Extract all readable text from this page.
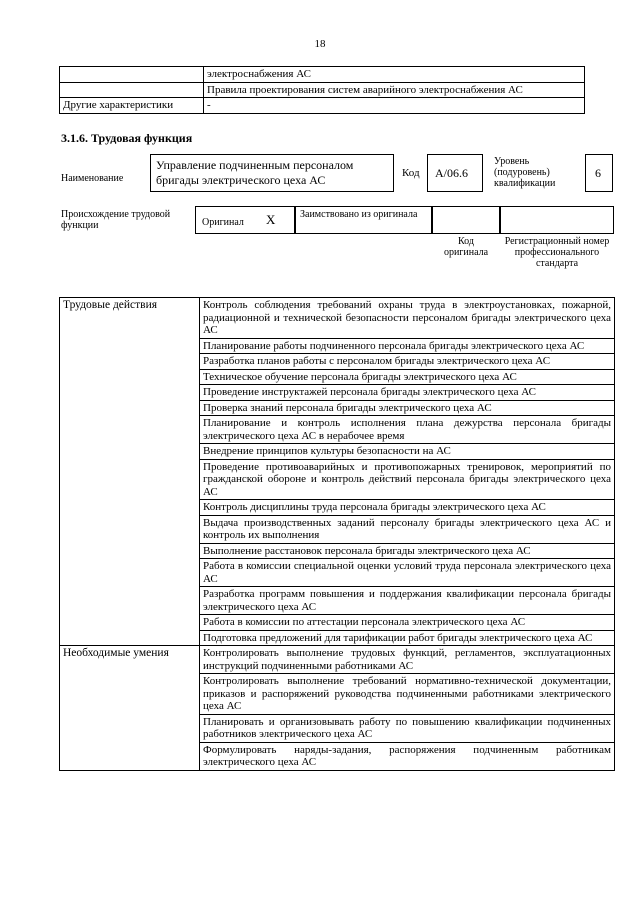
18
	электроснабжения АС
	Правила проектирования систем аварийного электроснабжения АС
Другие характеристики	-
3.1.6. Трудовая функция
Наименование
Управление подчиненным персоналом бригады электрического цеха АС	Код A/06.6
Уровень (подуровень) квалификации
6
Происхождение трудовой функции	Оригинал X Заимствовано из оригинала
Код оригинала
Регистрационный номер профессионального стандарта
Трудовые действия	Контроль соблюдения требований охраны труда в электроустановках, пожарной, радиационной и технической безопасности персоналом бригады электрического цеха АС
	Планирование работы подчиненного персонала бригады электрического цеха АС
	Разработка планов работы с персоналом бригады электрического цеха АС
	Техническое обучение персонала бригады электрического цеха АС
	Проведение инструктажей персонала бригады электрического цеха АС
	Проверка знаний персонала бригады электрического цеха АС
	Планирование и контроль исполнения плана дежурства персонала бригады электрического цеха АС в нерабочее время
	Внедрение принципов культуры безопасности на АС
	Проведение противоаварийных и противопожарных тренировок, мероприятий по гражданской обороне и контроль действий персонала бригады электрического цеха АС
	Контроль дисциплины труда персонала бригады электрического цеха АС
	Выдача производственных заданий персоналу бригады электрического цеха АС и контроль их выполнения
	Выполнение расстановок персонала бригады электрического цеха АС
	Работа в комиссии специальной оценки условий труда персонала электрического цеха АС
	Разработка программ повышения и поддержания квалификации персонала бригады электрического цеха АС
	Работа в комиссии по аттестации персонала электрического цеха АС
	Подготовка предложений для тарификации работ бригады электрического цеха АС
Необходимые умения	Контролировать выполнение трудовых функций, регламентов, эксплуатационных инструкций подчиненными работниками АС
	Контролировать выполнение требований нормативно-технической документации, приказов и распоряжений руководства подчиненными работниками электрического цеха АС
	Планировать и организовывать работу по повышению квалификации подчиненных работников электрического цеха АС
	Формулировать наряды-задания, распоряжения подчиненным работникам электрического цеха АС
